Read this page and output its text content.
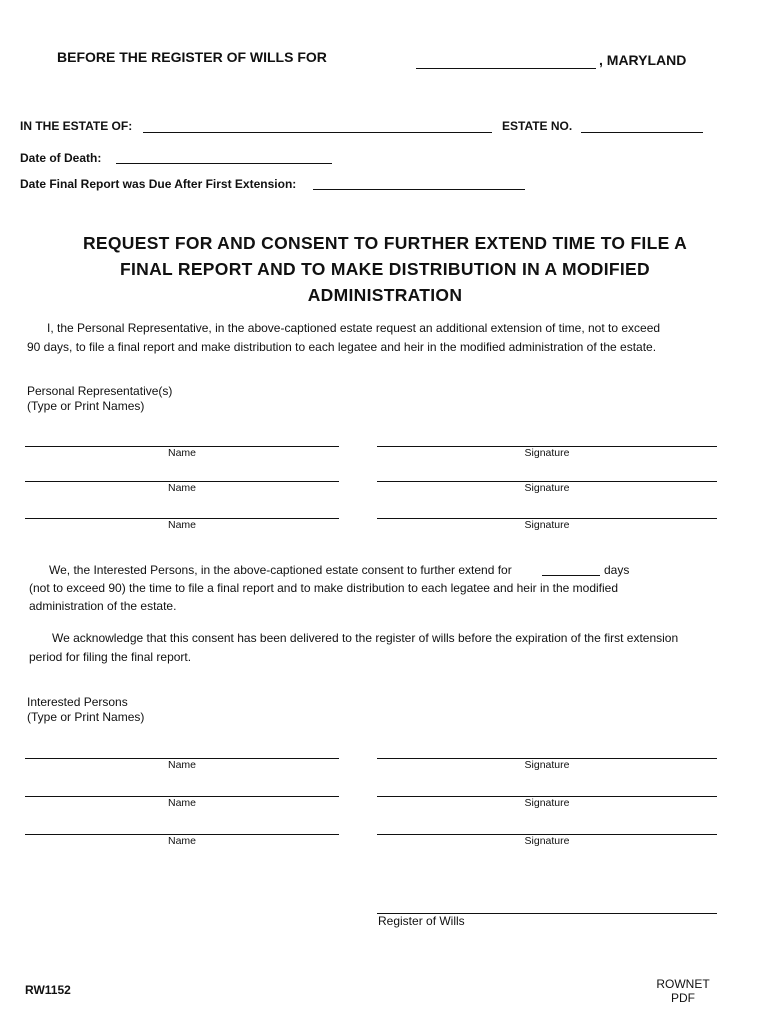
BEFORE THE REGISTER OF WILLS FOR	, MARYLAND
IN THE ESTATE OF:	ESTATE NO.
Date of Death:
Date Final Report was Due After First Extension:
REQUEST FOR AND CONSENT TO FURTHER EXTEND TIME TO FILE A
FINAL REPORT AND TO MAKE DISTRIBUTION IN A MODIFIED
ADMINISTRATION
I, the Personal Representative, in the above-captioned estate request an additional extension of time, not to exceed
90 days, to file a final report and make distribution to each legatee and heir in the modified administration of the estate.
Personal Representative(s)
(Type or Print Names)
Name	Signature
Name	Signature
Name	Signature
We, the Interested Persons, in the above-captioned estate consent to further extend for	days
(not to exceed 90) the time to file a final report and to make distribution to each legatee and heir in the modified
administration of the estate.
We acknowledge that this consent has been delivered to the register of wills before the expiration of the first extension
period for filing the final report.
Interested Persons
(Type or Print Names)
Name	Signature
Name	Signature
Name	Signature
Register of Wills
RW1152	ROWNET
PDF
